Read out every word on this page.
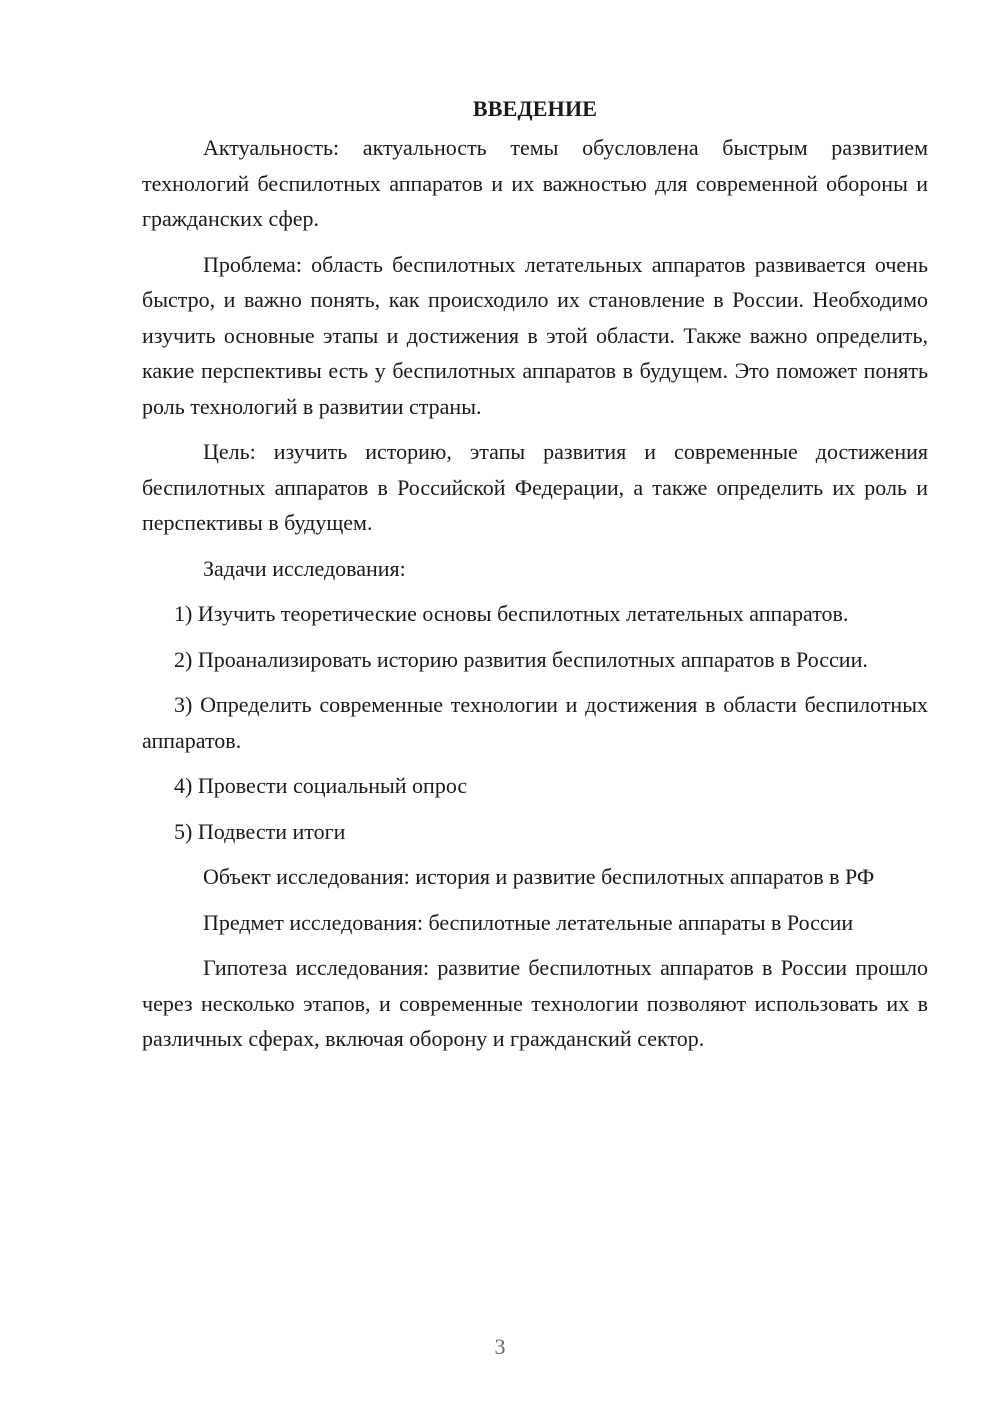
ВВЕДЕНИЕ

Актуальность: актуальность темы обусловлена быстрым развитием технологий беспилотных аппаратов и их важностью для современной обороны и гражданских сфер.

Проблема: область беспилотных летательных аппаратов развивается очень быстро, и важно понять, как происходило их становление в России. Необходимо изучить основные этапы и достижения в этой области. Также важно определить, какие перспективы есть у беспилотных аппаратов в будущем. Это поможет понять роль технологий в развитии страны.

Цель: изучить историю, этапы развития и современные достижения беспилотных аппаратов в Российской Федерации, а также определить их роль и перспективы в будущем.

Задачи исследования:

1) Изучить теоретические основы беспилотных летательных аппаратов.

2) Проанализировать историю развития беспилотных аппаратов в России.

3) Определить современные технологии и достижения в области беспилотных аппаратов.

4) Провести социальный опрос

5) Подвести итоги

Объект исследования: история и развитие беспилотных аппаратов в РФ

Предмет исследования: беспилотные летательные аппараты в России

Гипотеза исследования: развитие беспилотных аппаратов в России прошло через несколько этапов, и современные технологии позволяют использовать их в различных сферах, включая оборону и гражданский сектор.

3
